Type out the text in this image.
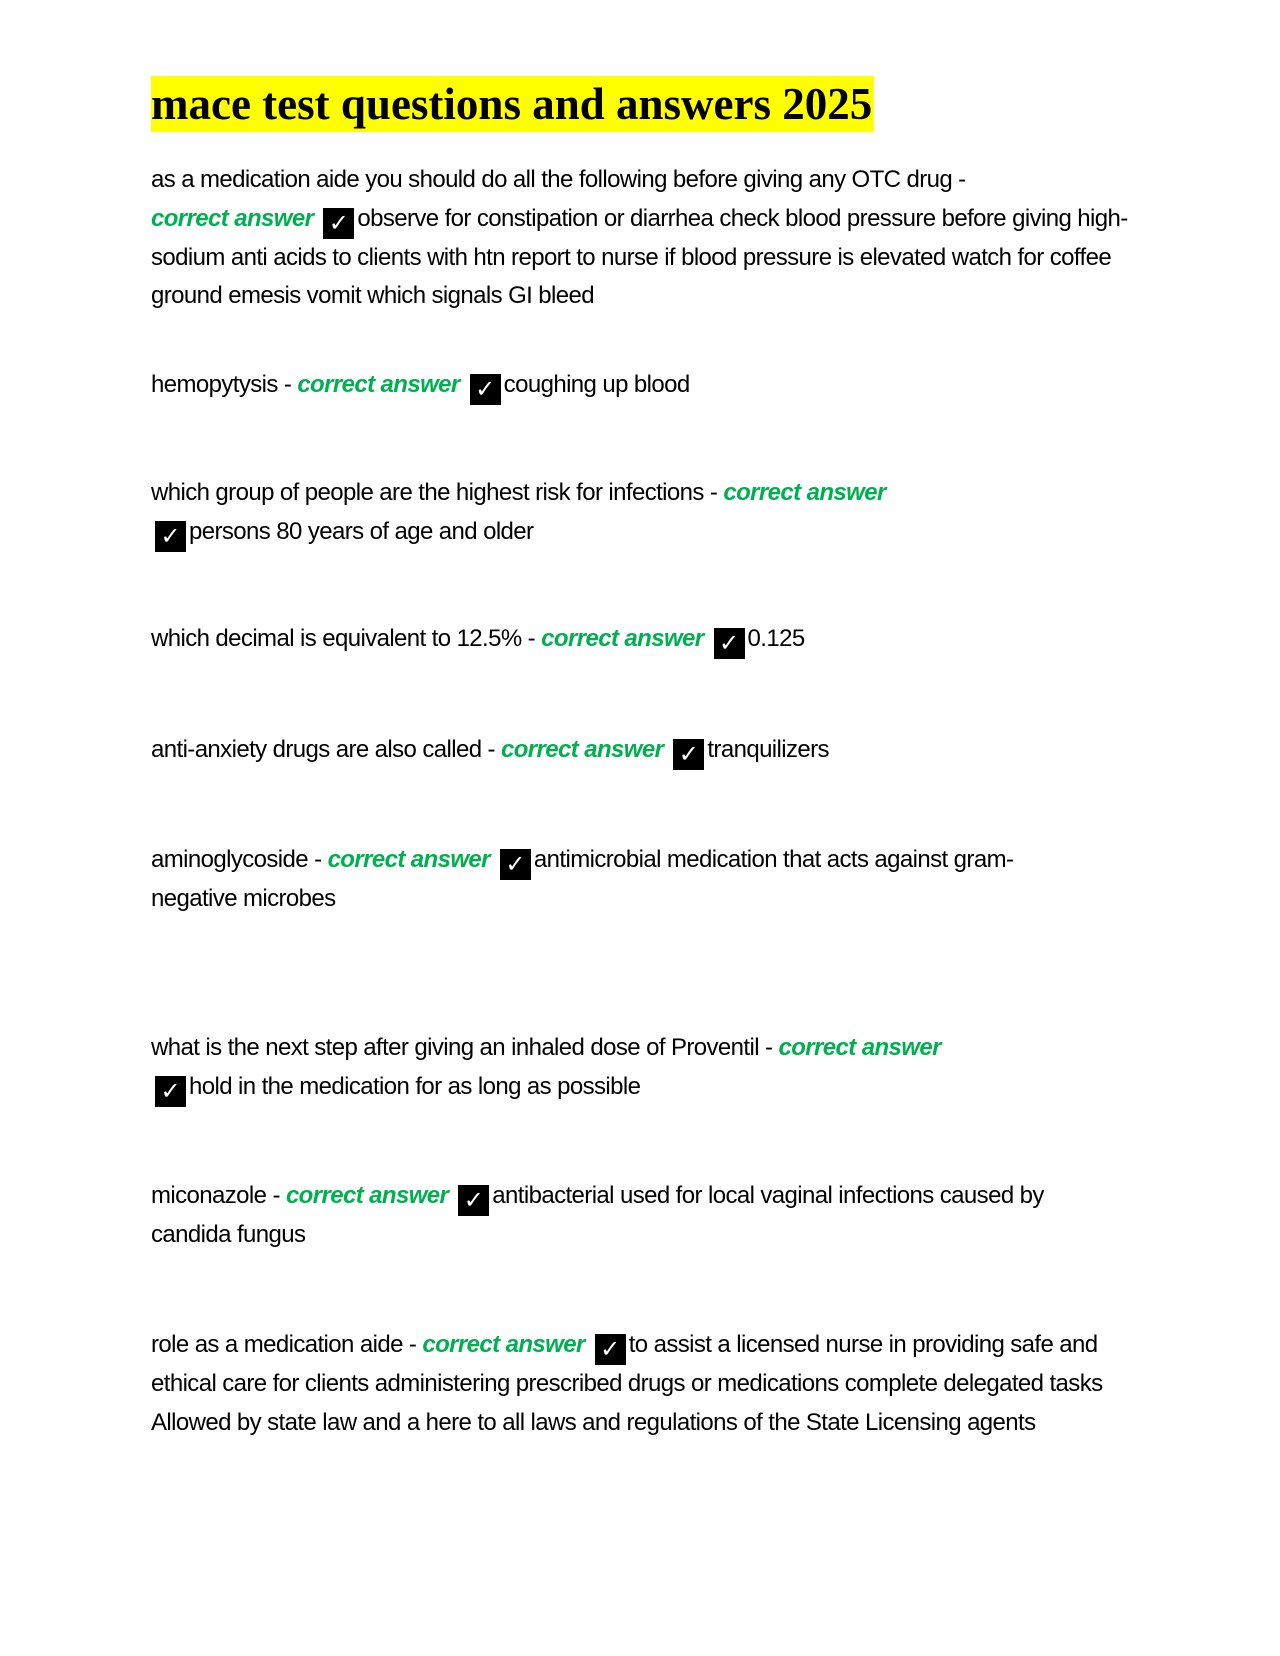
mace test questions and answers 2025
as a medication aide you should do all the following before giving any OTC drug -
correct answer ✓ observe for constipation or diarrhea check blood pressure before giving high-sodium anti acids to clients with htn report to nurse if blood pressure is elevated watch for coffee ground emesis vomit which signals GI bleed
hemopytysis - correct answer ✓ coughing up blood
which group of people are the highest risk for infections - correct answer
✓ persons 80 years of age and older
which decimal is equivalent to 12.5% - correct answer ✓ 0.125
anti-anxiety drugs are also called - correct answer ✓ tranquilizers
aminoglycoside - correct answer ✓ antimicrobial medication that acts against gram-negative microbes
what is the next step after giving an inhaled dose of Proventil - correct answer
✓ hold in the medication for as long as possible
miconazole - correct answer ✓ antibacterial used for local vaginal infections caused by candida fungus
role as a medication aide - correct answer ✓ to assist a licensed nurse in providing safe and ethical care for clients administering prescribed drugs or medications complete delegated tasks Allowed by state law and a here to all laws and regulations of the State Licensing agents
